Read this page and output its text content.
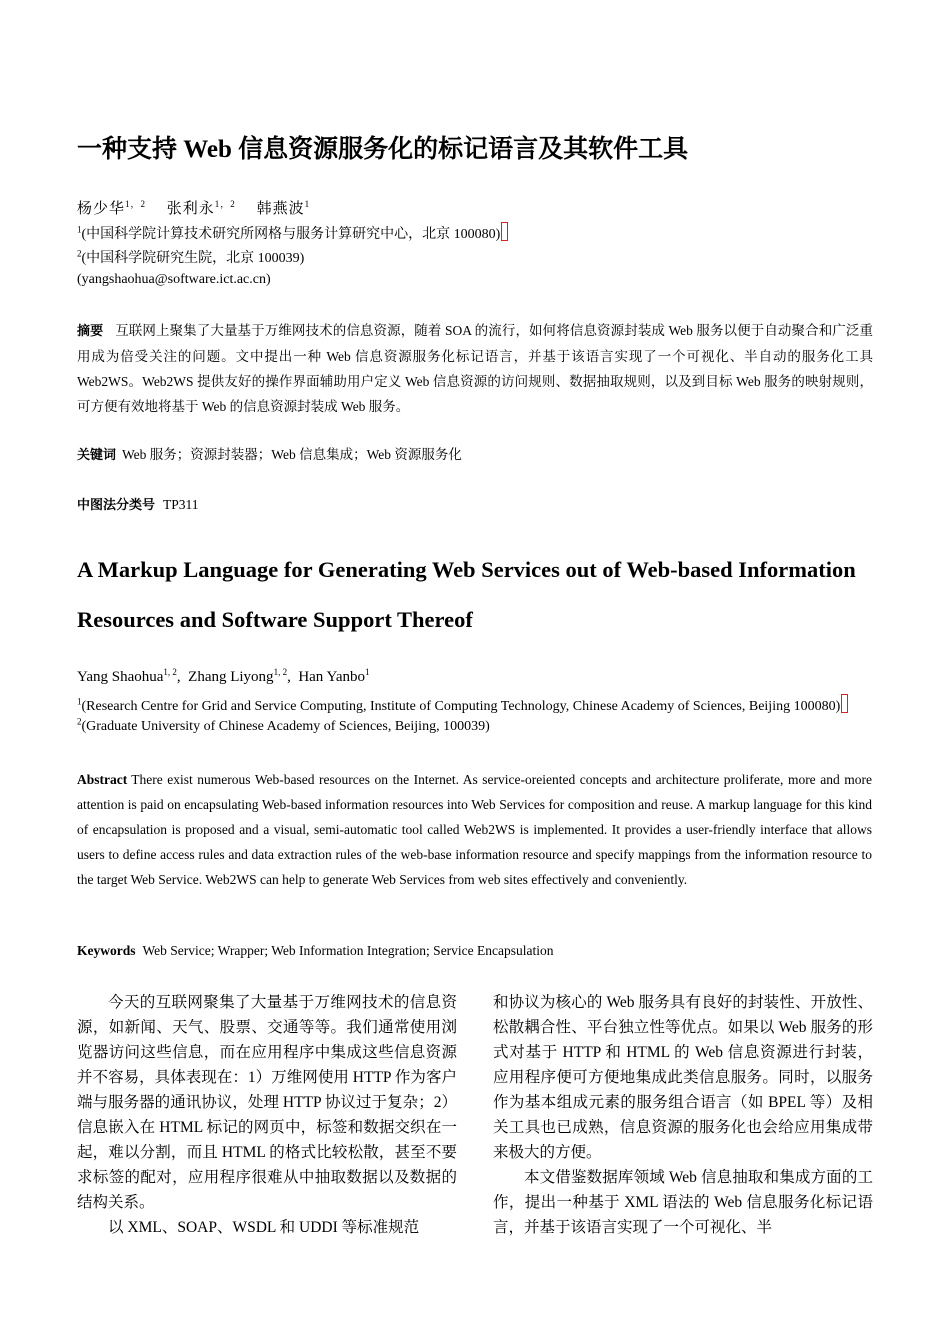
一种支持 Web 信息资源服务化的标记语言及其软件工具
杨少华$^{1,2}$ 张利永$^{1,2}$ 韩燕波$^1$
$^1$(中国科学院计算技术研究所网格与服务计算研究中心，北京 100080)
$^2$(中国科学院研究生院，北京 100039)
(yangshaohua@software.ict.ac.cn)
摘要 互联网上聚集了大量基于万维网技术的信息资源，随着 SOA 的流行，如何将信息资源封装成 Web 服务以便于自动聚合和广泛重用成为倍受关注的问题。文中提出一种 Web 信息资源服务化标记语言，并基于该语言实现了一个可视化、半自动的服务化工具 Web2WS。Web2WS 提供友好的操作界面辅助用户定义 Web 信息资源的访问规则、数据抽取规则，以及到目标 Web 服务的映射规则，可方便有效地将基于 Web 的信息资源封装成 Web 服务。
关键词 Web 服务；资源封装器；Web 信息集成；Web 资源服务化
中图法分类号 TP311
A Markup Language for Generating Web Services out of Web-based Information Resources and Software Support Thereof
Yang Shaohua$^{1, 2}$,  Zhang Liyong$^{1, 2}$,  Han Yanbo$^1$
$^1$(Research Centre for Grid and Service Computing, Institute of Computing Technology, Chinese Academy of Sciences, Beijing 100080)
$^2$(Graduate University of Chinese Academy of Sciences, Beijing, 100039)
Abstract There exist numerous Web-based resources on the Internet. As service-oreiented concepts and architecture proliferate, more and more attention is paid on encapsulating Web-based information resources into Web Services for composition and reuse. A markup language for this kind of encapsulation is proposed and a visual, semi-automatic tool called Web2WS is implemented. It provides a user-friendly interface that allows users to define access rules and data extraction rules of the web-base information resource and specify mappings from the information resource to the target Web Service. Web2WS can help to generate Web Services from web sites effectively and conveniently.
Keywords Web Service; Wrapper; Web Information Integration; Service Encapsulation

今天的互联网聚集了大量基于万维网技术的信息资源，如新闻、天气、股票、交通等等。我们通常使用浏览器访问这些信息，而在应用程序中集成这些信息资源并不容易，具体表现在：1）万维网使用 HTTP 作为客户端与服务器的通讯协议，处理 HTTP 协议过于复杂；2）信息嵌入在 HTML 标记的网页中，标签和数据交织在一起，难以分割，而且 HTML 的格式比较松散，甚至不要求标签的配对，应用程序很难从中抽取数据以及数据的结构关系。

以 XML、SOAP、WSDL 和 UDDI 等标准规范

和协议为核心的 Web 服务具有良好的封装性、开放性、松散耦合性、平台独立性等优点。如果以 Web 服务的形式对基于 HTTP 和 HTML 的 Web 信息资源进行封装，应用程序便可方便地集成此类信息服务。同时，以服务作为基本组成元素的服务组合语言（如 BPEL 等）及相关工具也已成熟，信息资源的服务化也会给应用集成带来极大的方便。

本文借鉴数据库领域 Web 信息抽取和集成方面的工作，提出一种基于 XML 语法的 Web 信息服务化标记语言，并基于该语言实现了一个可视化、半
